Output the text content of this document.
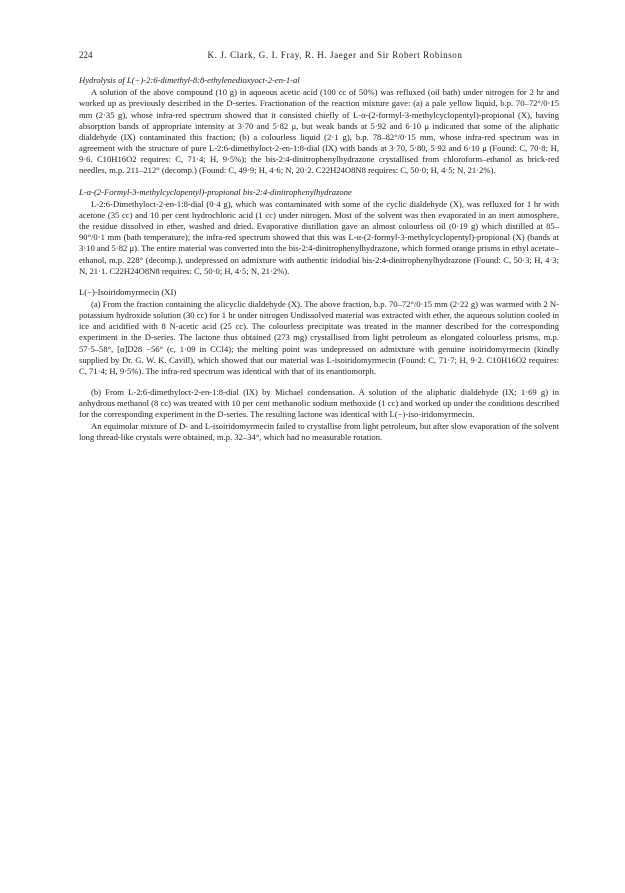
224	K. J. Clark, G. I. Fray, R. H. Jaeger and Sir Robert Robinson
Hydrolysis of L(−)-2:6-dimethyl-8:8-ethylenedioxyoct-2-en-1-al

A solution of the above compound (10 g) in aqueous acetic acid (100 cc of 50%) was refluxed (oil bath) under nitrogen for 2 hr and worked up as previously described in the D-series. Fractionation of the reaction mixture gave: (a) a pale yellow liquid, b.p. 70–72°/0·15 mm (2·35 g), whose infra-red spectrum showed that it consisted chiefly of L-α-(2-formyl-3-methylcyclopentyl)-propional (X), having absorption bands of appropriate intensity at 3·70 and 5·82 μ, but weak bands at 5·92 and 6·10 μ indicated that some of the aliphatic dialdehyde (IX) contaminated this fraction; (b) a colourless liquid (2·1 g), b.p. 78–82°/0·15 mm, whose infra-red spectrum was in agreement with the structure of pure L-2:6-dimethyloct-2-en-1:8-dial (IX) with bands at 3·70, 5·80, 5·92 and 6·10 μ (Found: C, 70·8; H, 9·6. C10H16O2 requires: C, 71·4; H, 9·5%); the bis-2:4-dinitrophenylhydrazone crystallised from chloroform–ethanol as brick-red needles, m.p. 211–212° (decomp.) (Found: C, 49·9; H, 4·6; N, 20·2. C22H24O8N8 requires: C, 50·0; H, 4·5; N, 21·2%).

L-α-(2-Formyl-3-methylcyclopentyl)-propional bis-2:4-dinitrophenylhydrazone

L-2:6-Dimethyloct-2-en-1:8-dial (0·4 g), which was contaminated with some of the cyclic dialdehyde (X), was refluxed for 1 hr with acetone (35 cc) and 10 per cent hydrochloric acid (1 cc) under nitrogen. Most of the solvent was then evaporated in an inert atmosphere, the residue dissolved in ether, washed and dried. Evaporative distillation gave an almost colourless oil (0·19 g) which distilled at 85–90°/0·1 mm (bath temperature); the infra-red spectrum showed that this was L-α-(2-formyl-3-methylcyclopentyl)-propional (X) (bands at 3·10 and 5·82 μ). The entire material was converted into the bis-2:4-dinitrophenylhydrazone, which formed orange prisms in ethyl acetate–ethanol, m.p. 228° (decomp.), undepressed on admixture with authentic iridodial bis-2:4-dinitrophenylhydrazone (Found: C, 50·3; H, 4·3; N, 21·1. C22H24O8N8 requires: C, 50·0; H, 4·5; N, 21·2%).

L(−)-Isoiridomyrmecin (XI)

(a) From the fraction containing the alicyclic dialdehyde (X). The above fraction, b.p. 70–72°/0·15 mm (2·22 g) was warmed with 2 N-potassium hydroxide solution (30 cc) for 1 hr under nitrogen Undissolved material was extracted with ether, the aqueous solution cooled in ice and acidified with 8 N-acetic acid (25 cc). The colourless precipitate was treated in the manner described for the corresponding experiment in the D-series. The lactone thus obtained (273 mg) crystallised from light petroleum as elongated colourless prisms, m.p. 57·5–58°, [α]D28 −56° (c, 1·09 in CCl4); the melting point was undepressed on admixture with genuine isoiridomyrmecin (kindly supplied by Dr. G. W. K. Cavill), which showed that our material was L-isoiridomyrmecin (Found: C, 71·7; H, 9·2. C10H16O2 requires: C, 71·4; H, 9·5%). The infra-red spectrum was identical with that of its enantiomorph.

(b) From L-2:6-dimethyloct-2-en-1:8-dial (IX) by Michael condensation. A solution of the aliphatic dialdehyde (IX; 1·69 g) in anhydrous methanol (8 cc) was treated with 10 per cent methanolic sodium methoxide (1 cc) and worked up under the conditions described for the corresponding experiment in the D-series. The resulting lactone was identical with L(−)-iso-iridomyrmecin.

An equimolar mixture of D- and L-isoiridomyrmecin failed to crystallise from light petroleum, but after slow evaporation of the solvent long thread-like crystals were obtained, m.p. 32–34°, which had no measurable rotation.
